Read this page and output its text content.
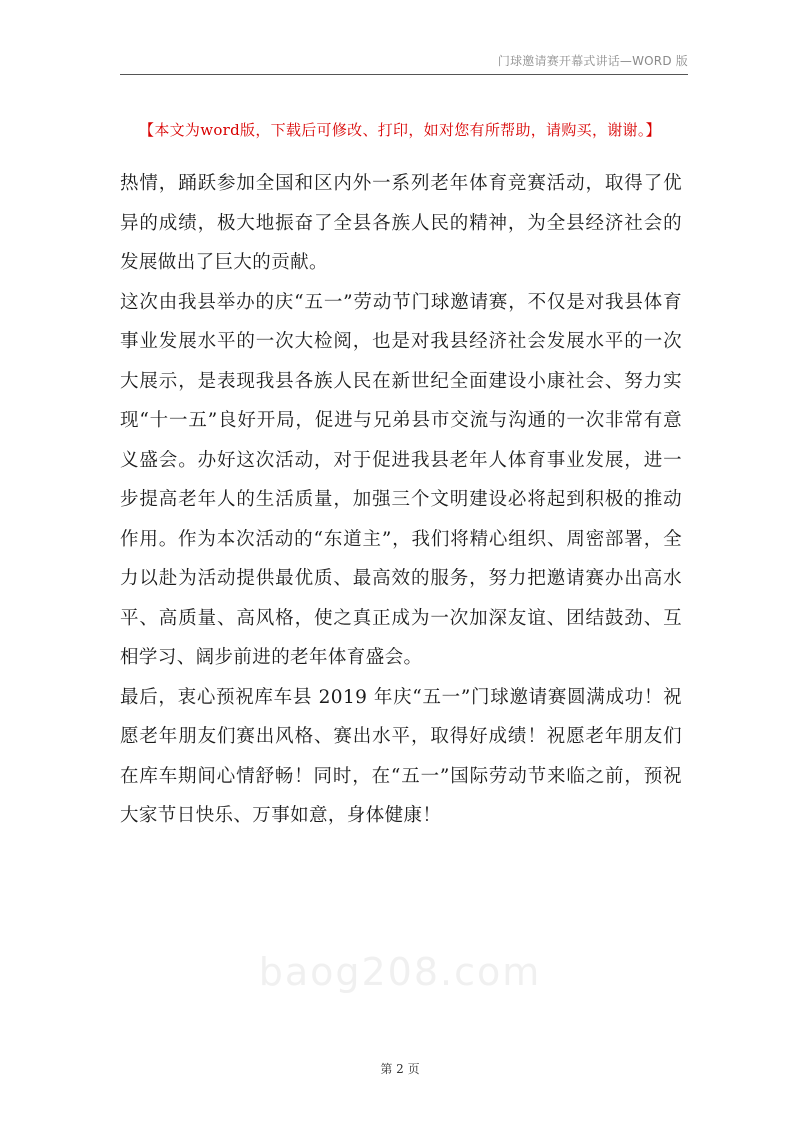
门球邀请赛开幕式讲话—WORD 版
【本文为word版，下载后可修改、打印，如对您有所帮助，请购买，谢谢。】

热情，踊跃参加全国和区内外一系列老年体育竞赛活动，取得了优异的成绩，极大地振奋了全县各族人民的精神，为全县经济社会的发展做出了巨大的贡献。

这次由我县举办的庆“五一”劳动节门球邀请赛，不仅是对我县体育事业发展水平的一次大检阅，也是对我县经济社会发展水平的一次大展示，是表现我县各族人民在新世纪全面建设小康社会、努力实现“十一五”良好开局，促进与兄弟县市交流与沟通的一次非常有意义盛会。办好这次活动，对于促进我县老年人体育事业发展，进一步提高老年人的生活质量，加强三个文明建设必将起到积极的推动作用。作为本次活动的“东道主”，我们将精心组织、周密部署，全力以赴为活动提供最优质、最高效的服务，努力把邀请赛办出高水平、高质量、高风格，使之真正成为一次加深友谊、团结鼓劲、互相学习、阔步前进的老年体育盛会。

最后，衷心预祝库车县 2019 年庆“五一”门球邀请赛圆满成功！祝愿老年朋友们赛出风格、赛出水平，取得好成绩！祝愿老年朋友们在库车期间心情舒畅！同时，在“五一”国际劳动节来临之前，预祝大家节日快乐、万事如意，身体健康！

baog208.com
第 2 页
